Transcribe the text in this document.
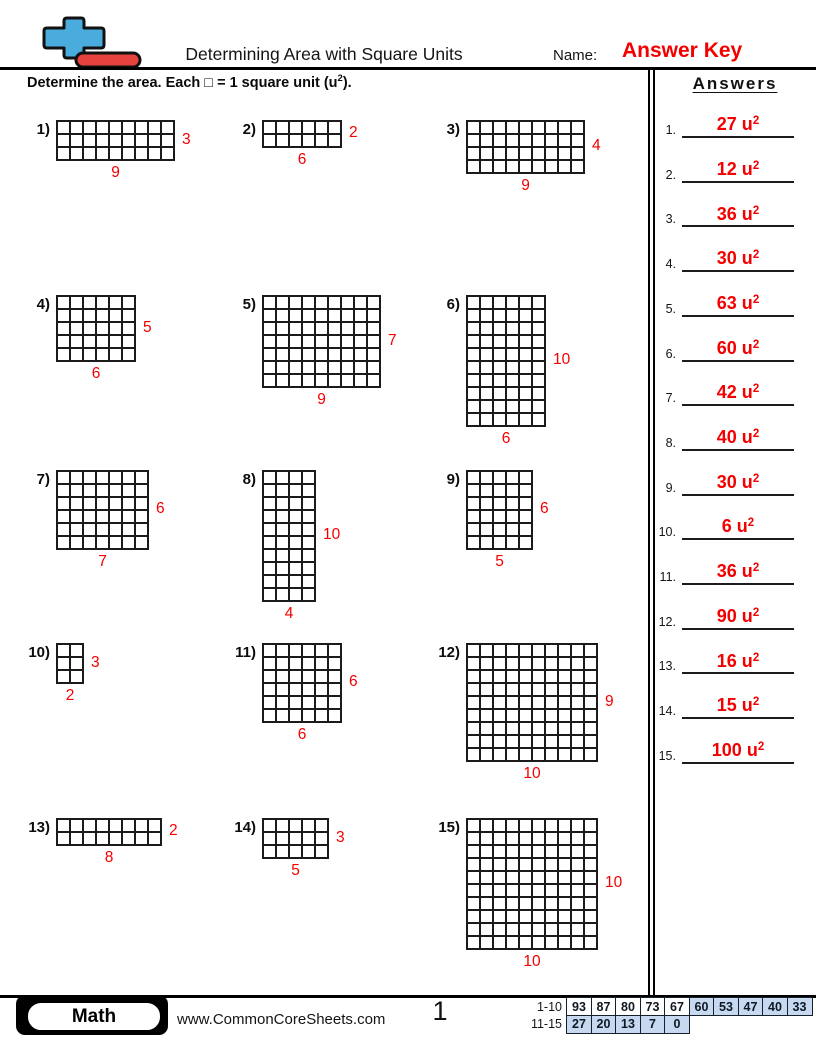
Determining Area with Square Units	Name: Answer Key
Determine the area. Each □ = 1 square unit $(u^2)$.	Answers
1.	27 $u^2$
2.	12 $u^2$
3.	36 $u^2$
4.	30 $u^2$
5.	63 $u^2$
6.	60 $u^2$
7.	42 $u^2$
8.	40 $u^2$
9.	30 $u^2$
10.	6 $u^2$
11.	36 $u^2$
12.	90 $u^2$
13.	16 $u^2$
14.	15 $u^2$
15.	100 $u^2$
1)
3
9
2)	2
6
3)
4
9
4)
5
6
5)
7
9
6)
10
6
7)
6
7
8)
10
4
9)
6
5
10)
3
2
11)
6
6
12)
9
10
13)	2
8
14)
3
5
15)
10
10
Math	www.CommonCoreSheets.com	1	1-10 93 87 80 73 67 60 53 47 40 33
11-15 27 20 13	7	0
